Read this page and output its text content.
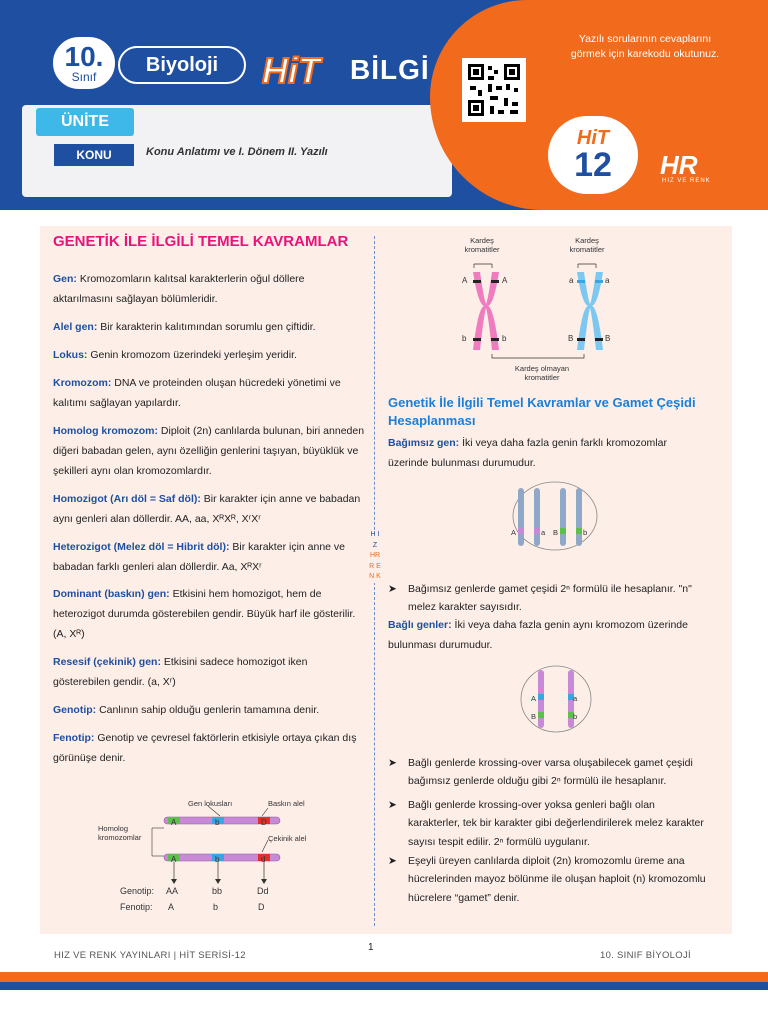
10.
Sınıf
Biyoloji	HiT BİLGİ
ÜNİTE
KONU	Konu Anlatımı ve I. Dönem II. Yazılı
Yazılı sorularının cevaplarını görmek için karekodu okutunuz.
HiT
12 HR
HIZ VE RENK
H I Z
HR
R E N K
GENETİK İLE İLGİLİ TEMEL KAVRAMLAR
Gen: Kromozomların kalıtsal karakterlerin oğul döllere aktarılmasını sağlayan bölümleridir.
Alel gen: Bir karakterin kalıtımından sorumlu gen çiftidir.
Lokus: Genin kromozom üzerindeki yerleşim yeridir.
Kromozom: DNA ve proteinden oluşan hücredeki yönetimi ve kalıtımı sağlayan yapılardır.
Homolog kromozom: Diploit (2n) canlılarda bulunan, biri anneden diğeri babadan gelen, aynı özelliğin genlerini taşıyan, büyüklük ve şekilleri aynı olan kromozomlardır.
Homozigot (Arı döl = Saf döl): Bir karakter için anne ve babadan aynı genleri alan döllerdir. AA, aa, XᴿXᴿ, XʳXʳ
Heterozigot (Melez döl = Hibrit döl): Bir karakter için anne ve babadan farklı genleri alan döllerdir. Aa, XᴿXʳ
Dominant (baskın) gen: Etkisini hem homozigot, hem de heterozigot durumda gösterebilen gendir. Büyük harf ile gösterilir. (A, Xᴿ)
Resesif (çekinik) gen: Etkisini sadece homozigot iken gösterebilen gendir. (a, Xʳ)
Genotip: Canlının sahip olduğu genlerin tamamına denir.
Fenotip: Genotip ve çevresel faktörlerin etkisiyle ortaya çıkan dış görünüşe denir.
Gen lokusları	Baskın alel
Çekinik alel
Homolog
kromozomlar
A	b	D
A	b	d
Genotip: AA	bb	Dd
Fenotip: A	b	D
Kardeş kromatitler
Kardeş kromatitler
A	A
b	b
a	a
B	B
Kardeş olmayan kromatitler
Genetik İle İlgili Temel Kavramlar ve Gamet Çeşidi Hesaplanması
Bağımsız gen: İki veya daha fazla genin farklı kromozomlar üzerinde bulunması durumudur.
A	a B	b
➤ Bağımsız genlerde gamet çeşidi 2ⁿ formülü ile hesaplanır. "n" melez karakter sayısıdır.
Bağlı genler: İki veya daha fazla genin aynı kromozom üzerinde bulunması durumudur.
A	a
B	b
➤ Bağlı genlerde krossing-over varsa oluşabilecek gamet çeşidi bağımsız genlerde olduğu gibi 2ⁿ formülü ile hesaplanır.
➤ Bağlı genlerde krossing-over yoksa genleri bağlı olan karakterler, tek bir karakter gibi değerlendirilerek melez karakter sayısı tespit edilir. 2ⁿ formülü uygulanır.
➤ Eşeyli üreyen canlılarda diploit (2n) kromozomlu üreme ana hücrelerinden mayoz bölünme ile oluşan haploit (n) kromozomlu hücrelere “gamet” denir.
HIZ VE RENK YAYINLARI | HİT SERİSİ-12
1
10. SINIF BİYOLOJİ
